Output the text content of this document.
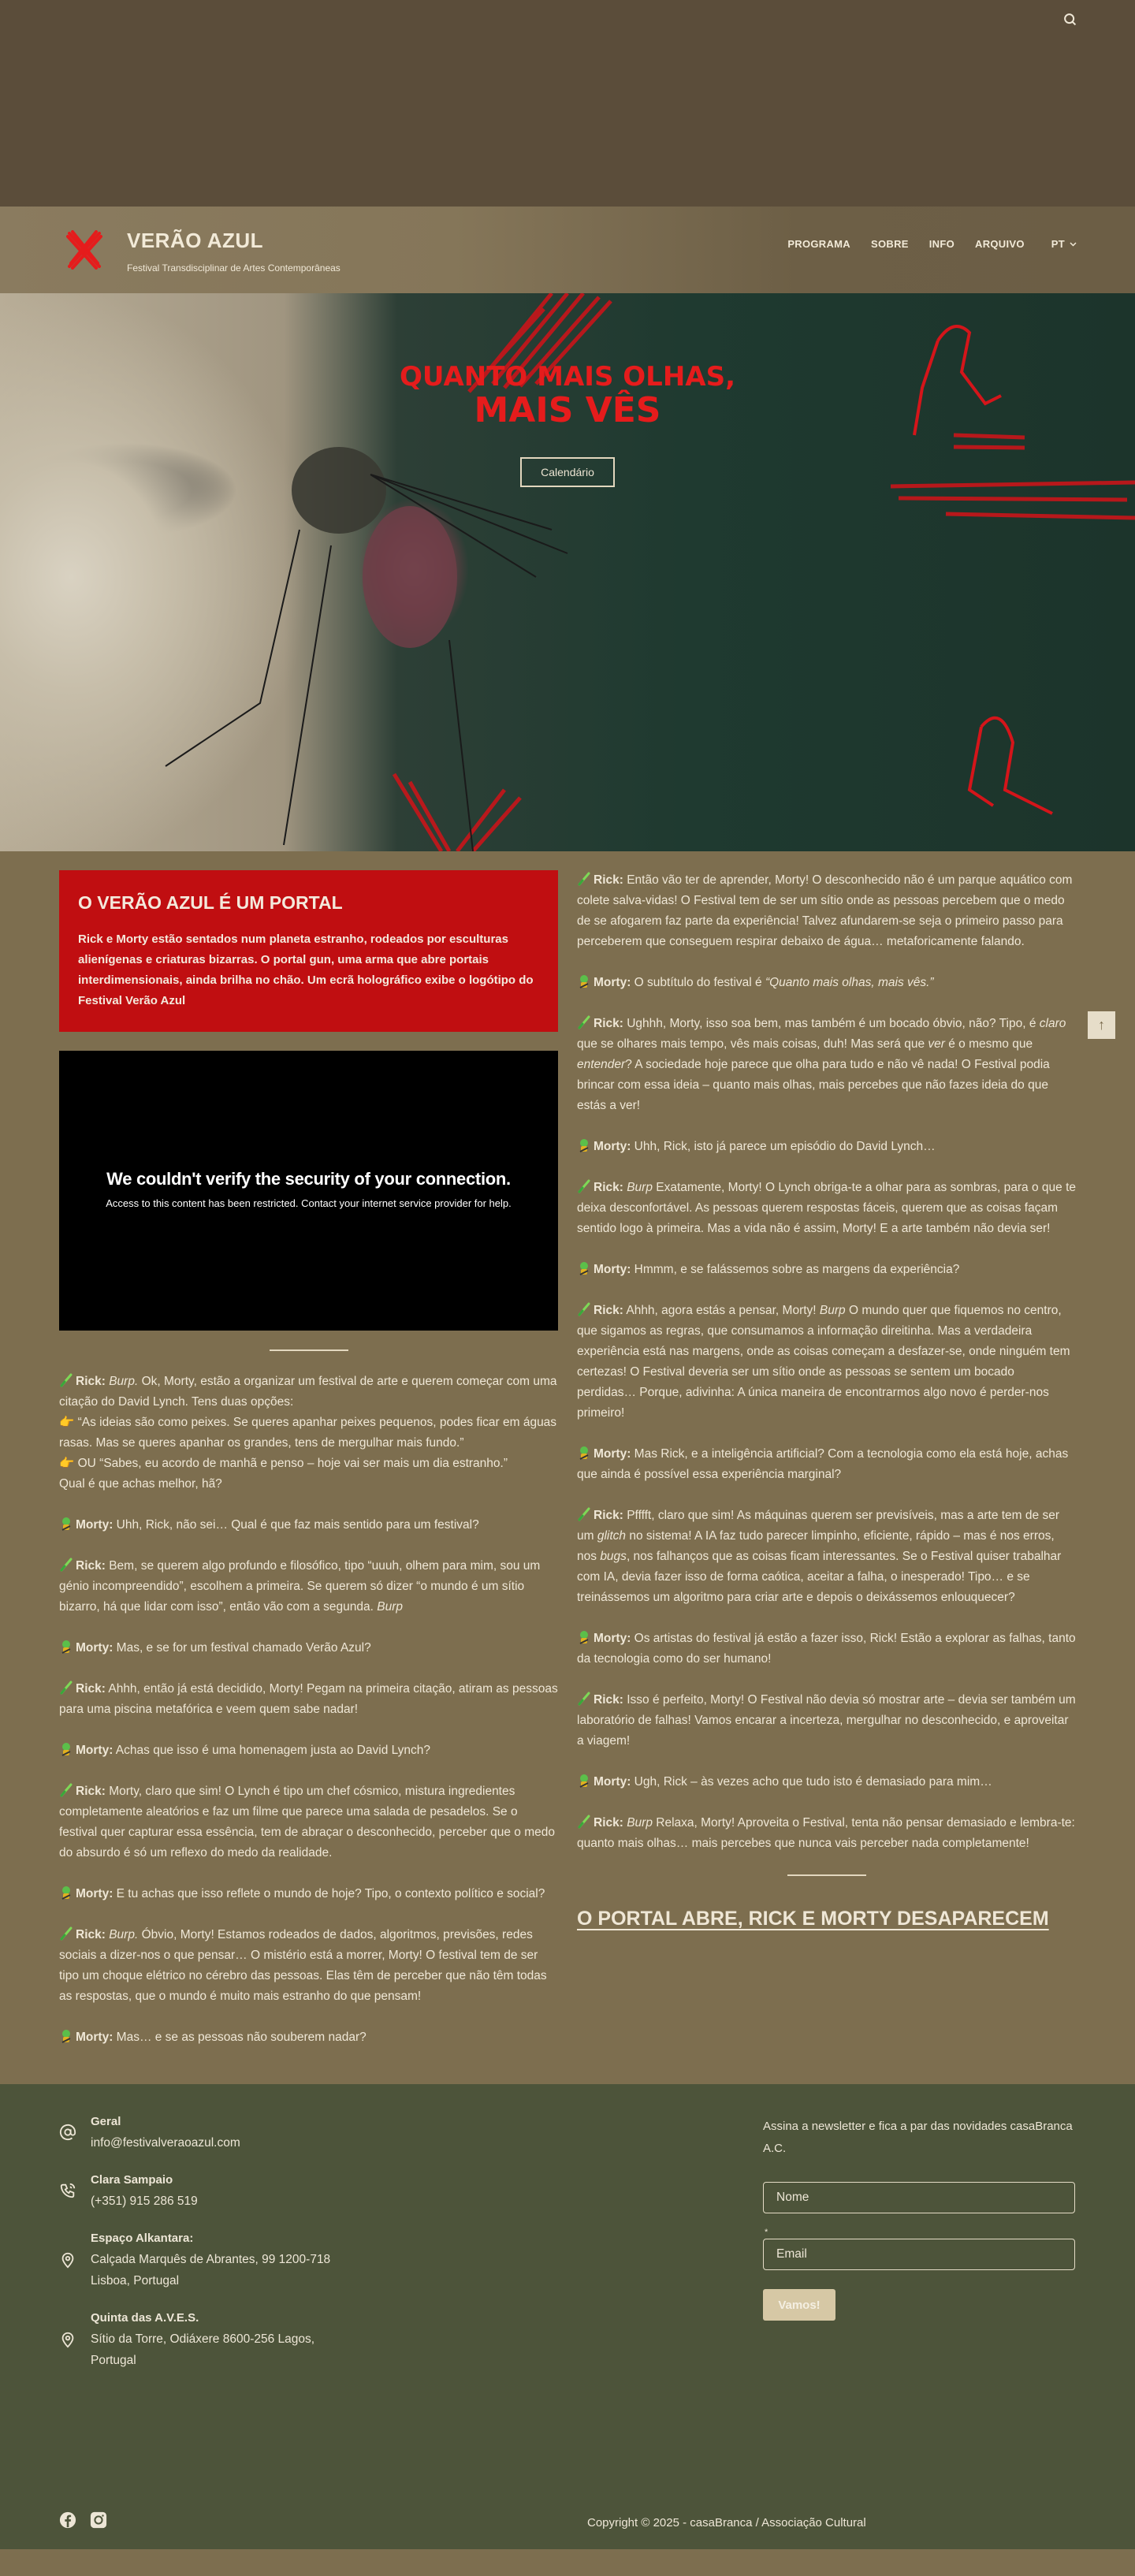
VERÃO AZUL
Festival Transdisciplinar de Artes Contemporâneas
PROGRAMA SOBRE INFO ARQUIVO	PT
QUANTO MAIS OLHAS,
MAIS VÊS
Calendário
O VERÃO AZUL É UM PORTAL

Rick e Morty estão sentados num planeta estranho, rodeados por esculturas alienígenas e criaturas bizarras. O portal gun, uma arma que abre portais interdimensionais, ainda brilha no chão. Um ecrã holográfico exibe o logótipo do Festival Verão Azul

We couldn't verify the security of your connection.

Access to this content has been restricted. Contact your internet service provider for help.

Rick: Burp. Ok, Morty, estão a organizar um festival de arte e querem começar com uma citação do David Lynch. Tens duas opções:
👉 “As ideias são como peixes. Se queres apanhar peixes pequenos, podes ficar em águas rasas. Mas se queres apanhar os grandes, tens de mergulhar mais fundo.”
👉 OU “Sabes, eu acordo de manhã e penso – hoje vai ser mais um dia estranho.”
Qual é que achas melhor, hã?

Morty: Uhh, Rick, não sei… Qual é que faz mais sentido para um festival?

Rick: Bem, se querem algo profundo e filosófico, tipo “uuuh, olhem para mim, sou um génio incompreendido”, escolhem a primeira. Se querem só dizer “o mundo é um sítio bizarro, há que lidar com isso”, então vão com a segunda. Burp

Morty: Mas, e se for um festival chamado Verão Azul?

Rick: Ahhh, então já está decidido, Morty! Pegam na primeira citação, atiram as pessoas para uma piscina metafórica e veem quem sabe nadar!

Morty: Achas que isso é uma homenagem justa ao David Lynch?

Rick: Morty, claro que sim! O Lynch é tipo um chef cósmico, mistura ingredientes completamente aleatórios e faz um filme que parece uma salada de pesadelos. Se o festival quer capturar essa essência, tem de abraçar o desconhecido, perceber que o medo do absurdo é só um reflexo do medo da realidade.

Morty: E tu achas que isso reflete o mundo de hoje? Tipo, o contexto político e social?

Rick: Burp. Óbvio, Morty! Estamos rodeados de dados, algoritmos, previsões, redes sociais a dizer-nos o que pensar… O mistério está a morrer, Morty! O festival tem de ser tipo um choque elétrico no cérebro das pessoas. Elas têm de perceber que não têm todas as respostas, que o mundo é muito mais estranho do que pensam!

Morty: Mas… e se as pessoas não souberem nadar?

Rick: Então vão ter de aprender, Morty! O desconhecido não é um parque aquático com colete salva-vidas! O Festival tem de ser um sítio onde as pessoas percebem que o medo de se afogarem faz parte da experiência! Talvez afundarem-se seja o primeiro passo para perceberem que conseguem respirar debaixo de água… metaforicamente falando.

Morty: O subtítulo do festival é “Quanto mais olhas, mais vês.”

Rick: Ughhh, Morty, isso soa bem, mas também é um bocado óbvio, não? Tipo, é claro que se olhares mais tempo, vês mais coisas, duh! Mas será que ver é o mesmo que entender? A sociedade hoje parece que olha para tudo e não vê nada! O Festival podia brincar com essa ideia – quanto mais olhas, mais percebes que não fazes ideia do que estás a ver!

Morty: Uhh, Rick, isto já parece um episódio do David Lynch…

Rick: Burp Exatamente, Morty! O Lynch obriga-te a olhar para as sombras, para o que te deixa desconfortável. As pessoas querem respostas fáceis, querem que as coisas façam sentido logo à primeira. Mas a vida não é assim, Morty! E a arte também não devia ser!

Morty: Hmmm, e se falássemos sobre as margens da experiência?

Rick: Ahhh, agora estás a pensar, Morty! Burp O mundo quer que fiquemos no centro, que sigamos as regras, que consumamos a informação direitinha. Mas a verdadeira experiência está nas margens, onde as coisas começam a desfazer-se, onde ninguém tem certezas! O Festival deveria ser um sítio onde as pessoas se sentem um bocado perdidas… Porque, adivinha: A única maneira de encontrarmos algo novo é perder-nos primeiro!

Morty: Mas Rick, e a inteligência artificial? Com a tecnologia como ela está hoje, achas que ainda é possível essa experiência marginal?

Rick: Pfffft, claro que sim! As máquinas querem ser previsíveis, mas a arte tem de ser um glitch no sistema! A IA faz tudo parecer limpinho, eficiente, rápido – mas é nos erros, nos bugs, nos falhanços que as coisas ficam interessantes. Se o Festival quiser trabalhar com IA, devia fazer isso de forma caótica, aceitar a falha, o inesperado! Tipo… e se treinássemos um algoritmo para criar arte e depois o deixássemos enlouquecer?

Morty: Os artistas do festival já estão a fazer isso, Rick! Estão a explorar as falhas, tanto da tecnologia como do ser humano!

Rick: Isso é perfeito, Morty! O Festival não devia só mostrar arte – devia ser também um laboratório de falhas! Vamos encarar a incerteza, mergulhar no desconhecido, e aproveitar a viagem!

Morty: Ugh, Rick – às vezes acho que tudo isto é demasiado para mim…

Rick: Burp Relaxa, Morty! Aproveita o Festival, tenta não pensar demasiado e lembra-te: quanto mais olhas… mais percebes que nunca vais perceber nada completamente!

O PORTAL ABRE, RICK E MORTY DESAPARECEM
↑
Geral
info@festivalveraoazul.com
Clara Sampaio
(+351) 915 286 519
Espaço Alkantara:
Calçada Marquês de Abrantes, 99 1200-718
Lisboa, Portugal
Quinta das A.V.E.S.
Sítio da Torre, Odiáxere 8600-256 Lagos,
Portugal

Assina a newsletter e fica a par das novidades casaBranca A.C.

Nome
*
Email Vamos!
Copyright © 2025 - casaBranca / Associação Cultural
